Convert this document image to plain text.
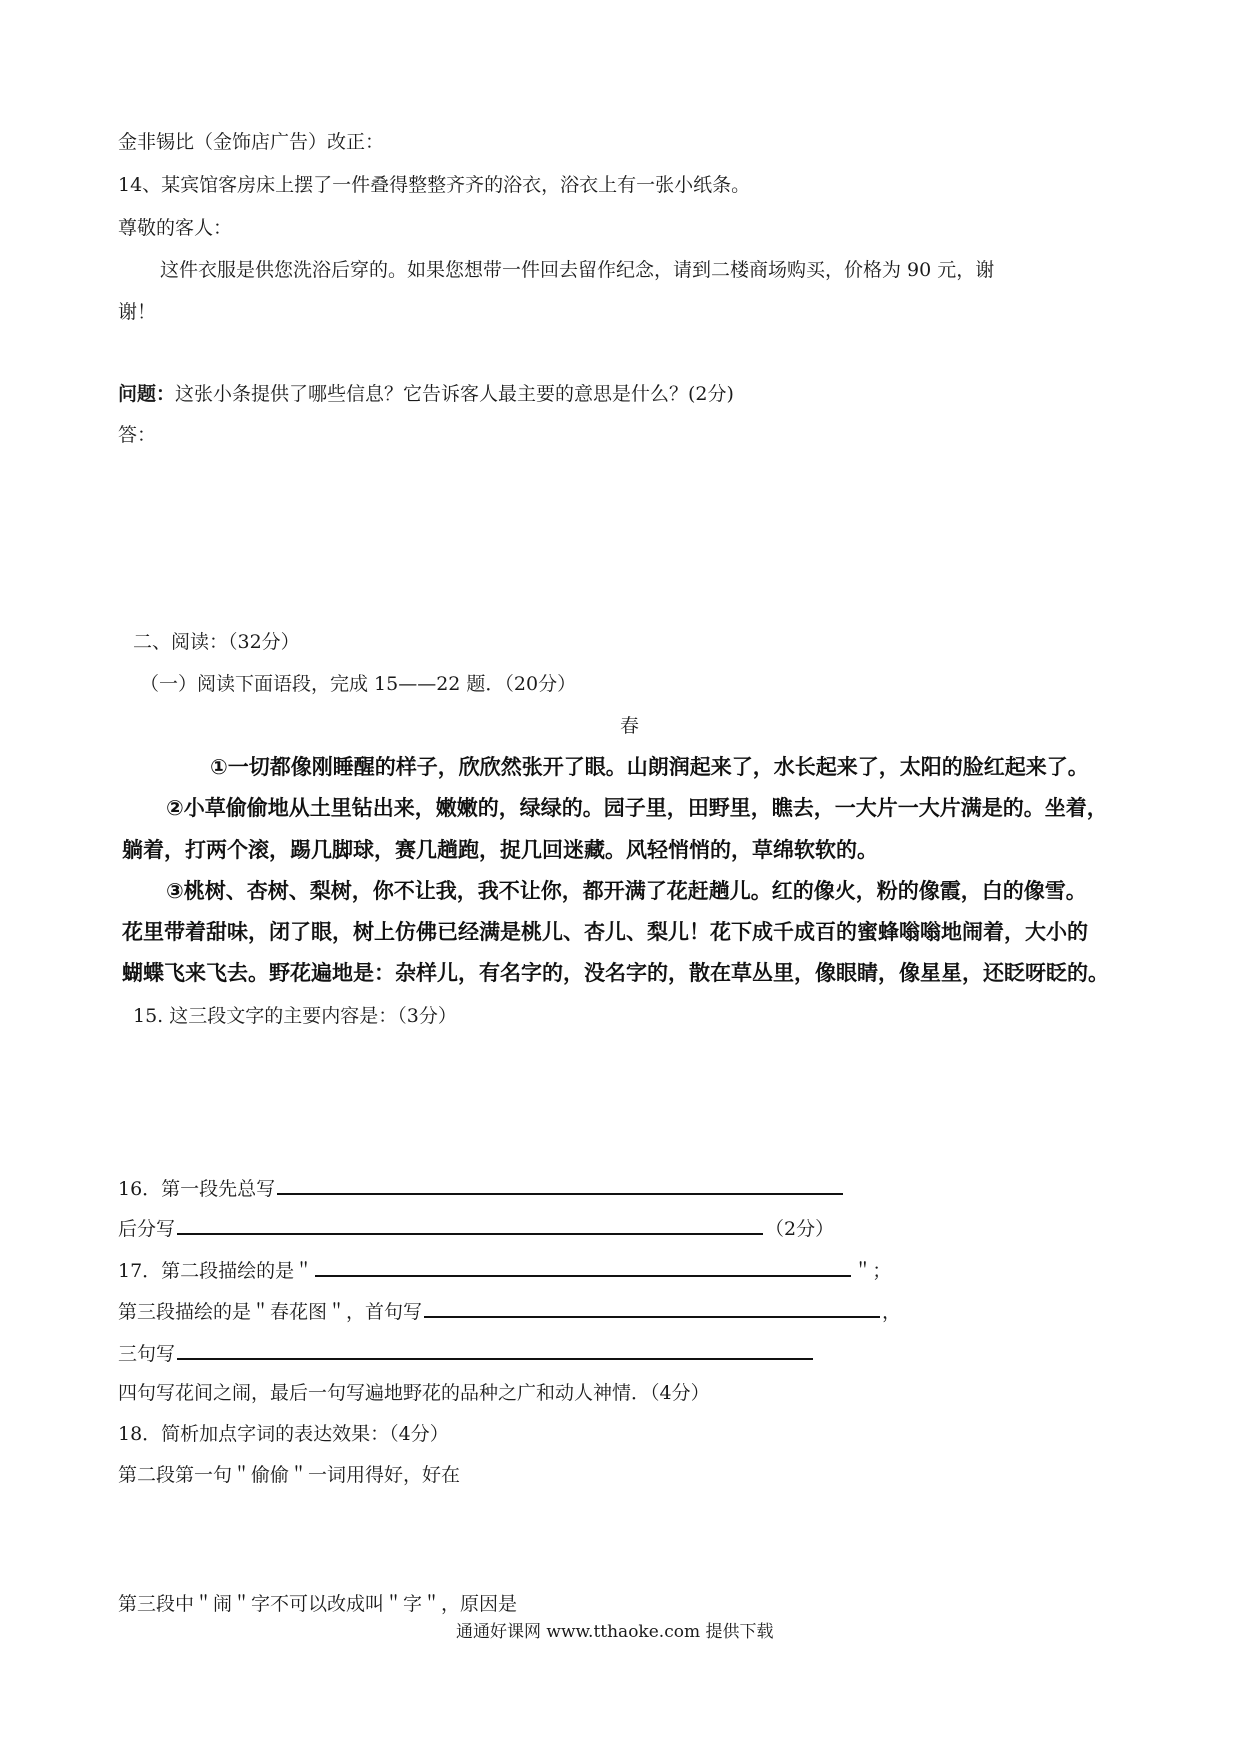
金非锡比（金饰店广告）改正：
14、某宾馆客房床上摆了一件叠得整整齐齐的浴衣，浴衣上有一张小纸条。
尊敬的客人：
这件衣服是供您洗浴后穿的。如果您想带一件回去留作纪念，请到二楼商场购买，价格为 90 元，谢
谢！
问题：这张小条提供了哪些信息？它告诉客人最主要的意思是什么？(2分)
答：
二、阅读：（32分）
（一）阅读下面语段，完成 15——22 题．（20分）
春
①一切都像刚睡醒的样子，欣欣然张开了眼。山朗润起来了，水长起来了，太阳的脸红起来了。
②小草偷偷地从土里钻出来，嫩嫩的，绿绿的。园子里，田野里，瞧去，一大片一大片满是的。坐着，
躺着，打两个滚，踢几脚球，赛几趟跑，捉几回迷藏。风轻悄悄的，草绵软软的。
③桃树、杏树、梨树，你不让我，我不让你，都开满了花赶趟儿。红的像火，粉的像霞，白的像雪。
花里带着甜味，闭了眼，树上仿佛已经满是桃儿、杏儿、梨儿！花下成千成百的蜜蜂嗡嗡地闹着，大小的
蝴蝶飞来飞去。野花遍地是：杂样儿，有名字的，没名字的，散在草丛里，像眼睛，像星星，还眨呀眨的。
15. 这三段文字的主要内容是：（3分）
16．第一段先总写
后分写	（2分）
17．第二段描绘的是＂	＂；
第三段描绘的是＂春花图＂，首句写	，
三句写
四句写花间之闹，最后一句写遍地野花的品种之广和动人神情．（4分）
18．简析加点字词的表达效果：（4分）
第二段第一句＂偷偷＂一词用得好，好在
第三段中＂闹＂字不可以改成叫＂字＂，原因是
通通好课网 www.tthaoke.com 提供下载
